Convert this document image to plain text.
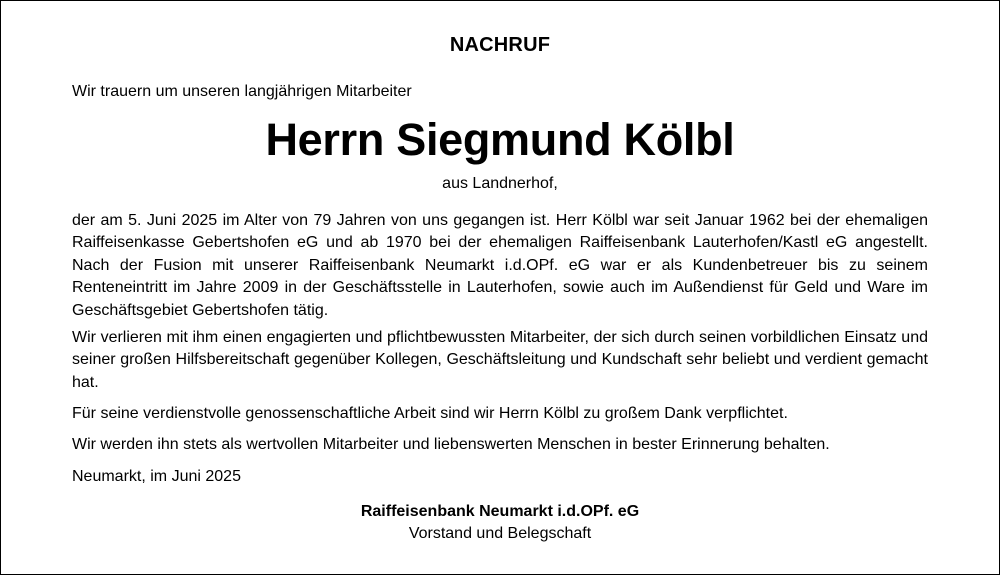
NACHRUF
Wir trauern um unseren langjährigen Mitarbeiter
Herrn Siegmund Kölbl
aus Landnerhof,
der am 5. Juni 2025 im Alter von 79 Jahren von uns gegangen ist. Herr Kölbl war seit Januar 1962 bei der ehemaligen Raiffeisenkasse Gebertshofen eG und ab 1970 bei der ehemaligen Raiffeisenbank Lauterhofen/Kastl eG angestellt. Nach der Fusion mit unserer Raiffeisenbank Neumarkt i.d.OPf. eG war er als Kundenbetreuer bis zu seinem Renteneintritt im Jahre 2009 in der Geschäftsstelle in Lauterhofen, sowie auch im Außendienst für Geld und Ware im Geschäftsgebiet Gebertshofen tätig.
Wir verlieren mit ihm einen engagierten und pflichtbewussten Mitarbeiter, der sich durch seinen vorbildlichen Einsatz und seiner großen Hilfsbereitschaft gegenüber Kollegen, Geschäftsleitung und Kundschaft sehr beliebt und verdient gemacht hat.
Für seine verdienstvolle genossenschaftliche Arbeit sind wir Herrn Kölbl zu großem Dank verpflichtet.
Wir werden ihn stets als wertvollen Mitarbeiter und liebenswerten Menschen in bester Erinnerung behalten.
Neumarkt, im Juni 2025
Raiffeisenbank Neumarkt i.d.OPf. eG
Vorstand und Belegschaft
